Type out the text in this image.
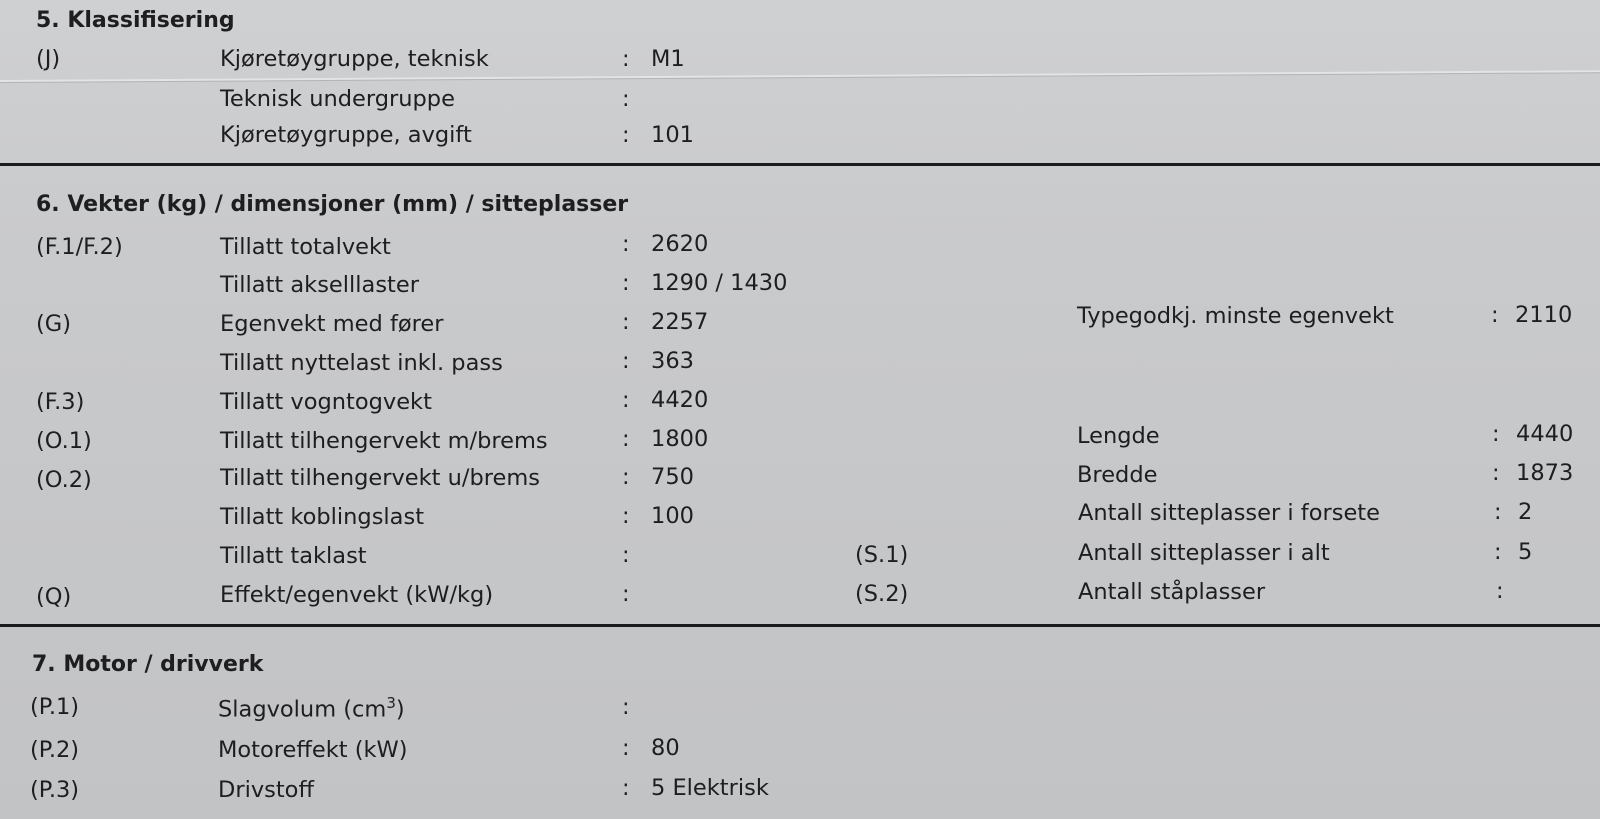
5. Klassifisering
(J)	Kjøretøygruppe, teknisk	: M1
Teknisk undergruppe	:
Kjøretøygruppe, avgift	: 101
6. Vekter (kg) / dimensjoner (mm) / sitteplasser
(F.1/F.2)	Tillatt totalvekt	: 2620
Tillatt akselllaster	: 1290 / 1430
(G)	Egenvekt med fører	: 2257
Tillatt nyttelast inkl. pass	: 363
(F.3)	Tillatt vogntogvekt	: 4420
(O.1)	Tillatt tilhengervekt m/brems	: 1800
(O.2)	Tillatt tilhengervekt u/brems	: 750
Tillatt koblingslast	: 100
Tillatt taklast	:
(Q)	Effekt/egenvekt (kW/kg)	:
Typegodkj. minste egenvekt	: 2110
Lengde	: 4440
Bredde	: 1873
Antall sitteplasser i forsete	: 2
(S.1)	Antall sitteplasser i alt	: 5
(S.2)	Antall ståplasser	:
7. Motor / drivverk
(P.1)	Slagvolum $(cm^3)$	:
(P.2)	Motoreffekt (kW)	: 80
(P.3)	Drivstoff	: 5 Elektrisk
